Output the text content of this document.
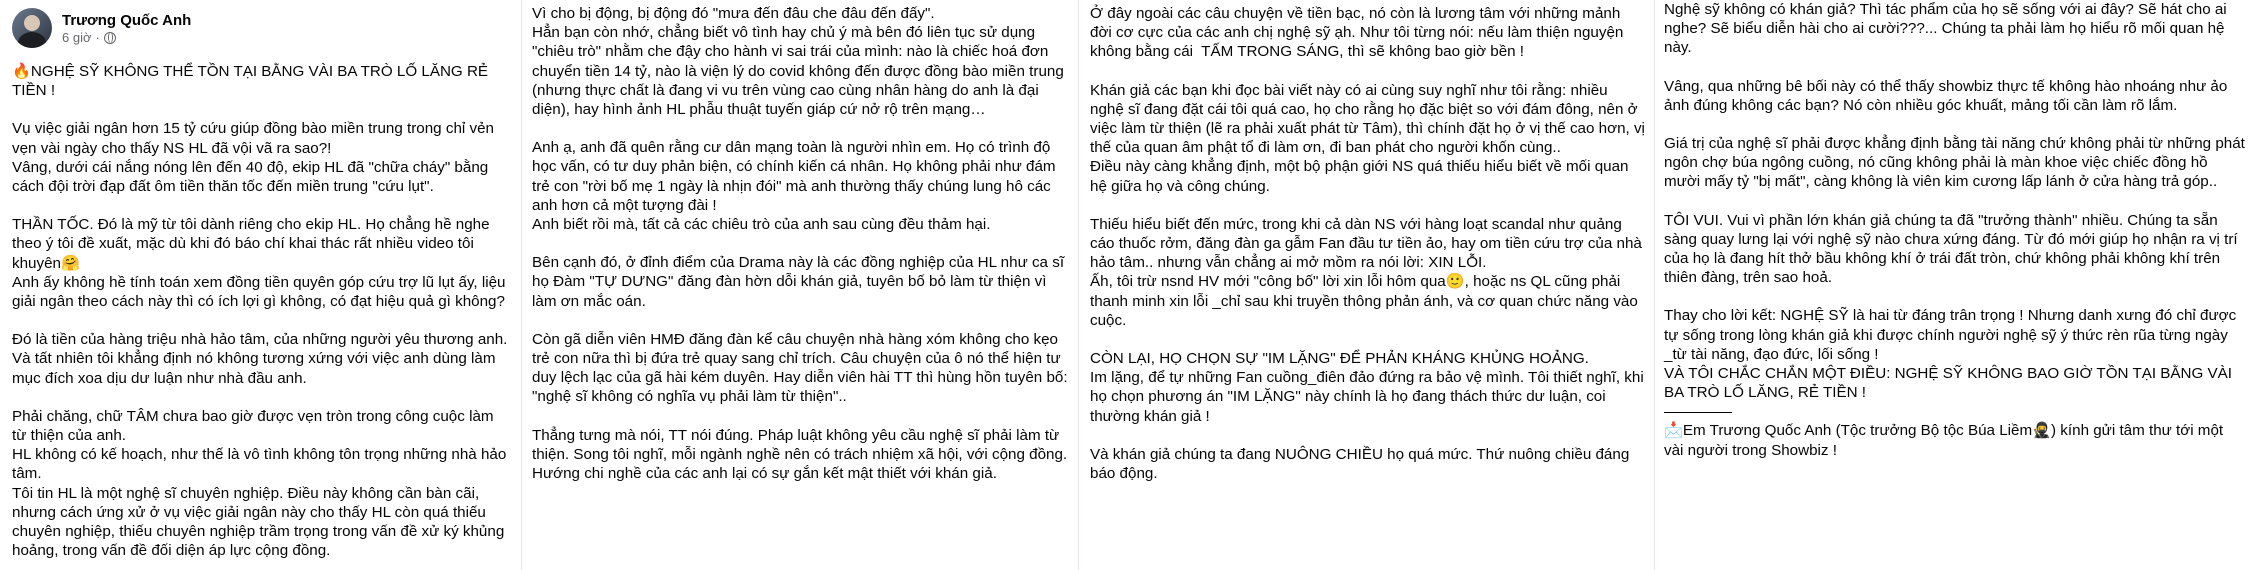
Trương Quốc Anh
6 giờ ·

🔥NGHỆ SỸ KHÔNG THỂ TỒN TẠI BẰNG VÀI BA TRÒ LỐ LĂNG RẺ TIỀN !

Vụ việc giải ngân hơn 15 tỷ cứu giúp đồng bào miền trung trong chỉ vẻn vẹn vài ngày cho thấy NS HL đã vội vã ra sao?!
Vâng, dưới cái nắng nóng lên đến 40 độ, ekip HL đã "chữa cháy" bằng cách đội trời đạp đất ôm tiền thăn tốc đến miền trung "cứu lụt".

THẦN TỐC. Đó là mỹ từ tôi dành riêng cho ekip HL. Họ chẳng hề nghe theo ý tôi đề xuất, mặc dù khi đó báo chí khai thác rất nhiều video tôi khuyên🤗
Anh ấy không hề tính toán xem đồng tiền quyên góp cứu trợ lũ lụt ấy, liệu giải ngân theo cách này thì có ích lợi gì không, có đạt hiệu quả gì không?

Đó là tiền của hàng triệu nhà hảo tâm, của những người yêu thương anh. Và tất nhiên tôi khẳng định nó không tương xứng với việc anh dùng làm mục đích xoa dịu dư luận như nhà đầu anh.

Phải chăng, chữ TÂM chưa bao giờ được vẹn tròn trong công cuộc làm từ thiện của anh.
HL không có kế hoạch, như thế là vô tình không tôn trọng những nhà hảo tâm.
Tôi tin HL là một nghệ sĩ chuyên nghiệp. Điều này không cần bàn cãi, nhưng cách ứng xử ở vụ việc giải ngân này cho thấy HL còn quá thiếu chuyên nghiệp, thiếu chuyên nghiệp trầm trọng trong vấn đề xử ký khủng hoảng, trong vấn đề đối diện áp lực cộng đồng.

Vì cho bị động, bị động đó "mưa đến đâu che đâu đến đấy".
Hẳn bạn còn nhớ, chẳng biết vô tình hay chủ ý mà bên đó liên tục sử dụng "chiêu trò" nhằm che đậy cho hành vi sai trái của mình: nào là chiếc hoá đơn chuyển tiền 14 tỷ, nào là viện lý do covid không đến được đồng bào miền trung (nhưng thực chất là đang vi vu trên vùng cao cùng nhân hàng do anh là đại diện), hay hình ảnh HL phẫu thuật tuyến giáp cứ nở rộ trên mạng…

Anh ạ, anh đã quên rằng cư dân mạng toàn là người nhìn em. Họ có trình độ học vấn, có tư duy phản biện, có chính kiến cá nhân. Họ không phải như đám trẻ con "rời bố mẹ 1 ngày là nhịn đói" mà anh thường thấy chúng lung hô các anh hơn cả một tượng đài !
Anh biết rồi mà, tất cả các chiêu trò của anh sau cùng đều thảm hại.

Bên cạnh đó, ở đỉnh điểm của Drama này là các đồng nghiệp của HL như ca sĩ họ Đàm "TỰ DƯNG" đăng đàn hờn dỗi khán giả, tuyên bố bỏ làm từ thiện vì làm ơn mắc oán.

Còn gã diễn viên HMĐ đăng đàn kể câu chuyện nhà hàng xóm không cho kẹo trẻ con nữa thì bị đứa trẻ quay sang chỉ trích. Câu chuyện của ô nó thể hiện tư duy lệch lạc của gã hài kém duyên. Hay diễn viên hài TT thì hùng hồn tuyên bố: "nghệ sĩ không có nghĩa vụ phải làm từ thiện"..

Thẳng tưng mà nói, TT nói đúng. Pháp luật không yêu cầu nghệ sĩ phải làm từ thiện. Song tôi nghĩ, mỗi ngành nghề nên có trách nhiệm xã hội, với cộng đồng. Hướng chi nghề của các anh lại có sự gắn kết mật thiết với khán giả.

Ở đây ngoài các câu chuyện về tiền bạc, nó còn là lương tâm với những mảnh đời cơ cực của các anh chị nghệ sỹ ạh. Như tôi từng nói: nếu làm thiện nguyện không bằng cái  TẤM TRONG SÁNG, thì sẽ không bao giờ bền !

Khán giả các bạn khi đọc bài viết này có ai cùng suy nghĩ như tôi rằng: nhiều nghệ sĩ đang đặt cái tôi quá cao, họ cho rằng họ đặc biệt so với đám đông, nên ở việc làm từ thiện (lẽ ra phải xuất phát từ Tâm), thì chính đặt họ ở vị thế cao hơn, vị thế của quan âm phật tổ đi làm ơn, đi ban phát cho người khốn cùng..
Điều này càng khẳng định, một bộ phận giới NS quá thiếu hiểu biết về mối quan hệ giữa họ và công chúng.

Thiếu hiểu biết đến mức, trong khi cả dàn NS với hàng loạt scandal như quảng cáo thuốc rởm, đăng đàn ga gẫm Fan đầu tư tiền ảo, hay om tiền cứu trợ của nhà hảo tâm.. nhưng vẫn chẳng ai mở mồm ra nói lời: XIN LỖI.
Ấh, tôi trừ nsnd HV mới "công bố" lời xin lỗi hôm qua🙂, hoặc ns QL cũng phải thanh minh xin lỗi _chỉ sau khi truyền thông phản ánh, và cơ quan chức năng vào cuộc.

CÒN LẠI, HỌ CHỌN SỰ "IM LẶNG" ĐỂ PHẢN KHÁNG KHỦNG HOẢNG.
Im lặng, để tự những Fan cuồng_điên đảo đứng ra bảo vệ mình. Tôi thiết nghĩ, khi họ chọn phương án "IM LẶNG" này chính là họ đang thách thức dư luận, coi thường khán giả !

Và khán giả chúng ta đang NUÔNG CHIỀU họ quá mức. Thứ nuông chiều đáng báo động.

Nghệ sỹ không có khán giả? Thì tác phẩm của họ sẽ sống với ai đây? Sẽ hát cho ai nghe? Sẽ biểu diễn hài cho ai cười???... Chúng ta phải làm họ hiểu rõ mối quan hệ này.

Vâng, qua những bê bối này có thể thấy showbiz thực tế không hào nhoáng như ảo ảnh đúng không các bạn? Nó còn nhiều góc khuất, mảng tối cần làm rõ lắm.

Giá trị của nghệ sĩ phải được khẳng định bằng tài năng chứ không phải từ những phát ngôn chợ búa ngông cuồng, nó cũng không phải là màn khoe việc chiếc đồng hồ mười mấy tỷ "bị mất", càng không là viên kim cương lấp lánh ở cửa hàng trả góp..

TÔI VUI. Vui vì phần lớn khán giả chúng ta đã "trưởng thành" nhiều. Chúng ta sẵn sàng quay lưng lại với nghệ sỹ nào chưa xứng đáng. Từ đó mới giúp họ nhận ra vị trí của họ là đang hít thở bầu không khí ở trái đất tròn, chứ không phải không khí trên thiên đàng, trên sao hoả.

Thay cho lời kết: NGHỆ SỸ là hai từ đáng trân trọng ! Nhưng danh xưng đó chỉ được tự sống trong lòng khán giả khi được chính người nghệ sỹ ý thức rèn rũa từng ngày _từ tài năng, đạo đức, lối sống !
VÀ TÔI CHẮC CHẮN MỘT ĐIỀU: NGHỆ SỸ KHÔNG BAO GIỜ TỒN TẠI BẰNG VÀI BA TRÒ LỐ LĂNG, RẺ TIỀN !

📩Em Trương Quốc Anh (Tộc trưởng Bộ tộc Búa Liềm🥷) kính gửi tâm thư tới một vài người trong Showbiz !
